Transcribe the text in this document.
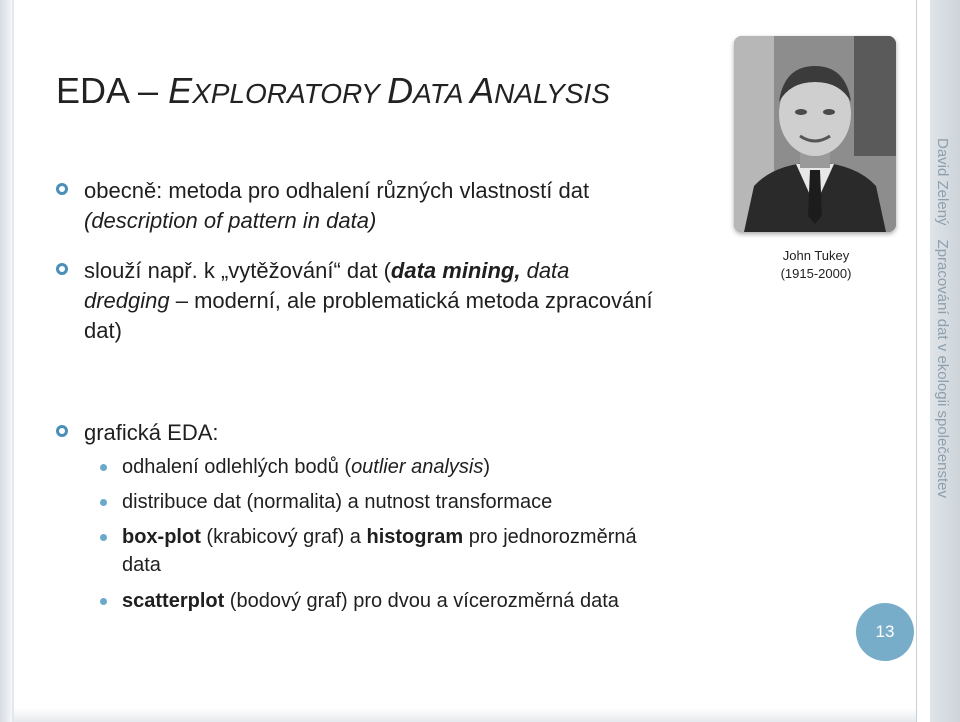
EDA – EXPLORATORY DATA ANALYSIS
obecně: metoda pro odhalení různých vlastností dat
(description of pattern in data)
slouží např. k „vytěžování“ dat (data mining, data
dredging – moderní, ale problematická metoda zpracování
dat)
grafická EDA:
odhalení odlehlých bodů (outlier analysis)
distribuce dat (normalita) a nutnost transformace
box-plot (krabicový graf) a histogram pro jednorozměrná
data
scatterplot (bodový graf) pro dvou a vícerozměrná data
John Tukey
(1915-2000)
David ZelenýZpracování dat v ekologii společenstev
13
